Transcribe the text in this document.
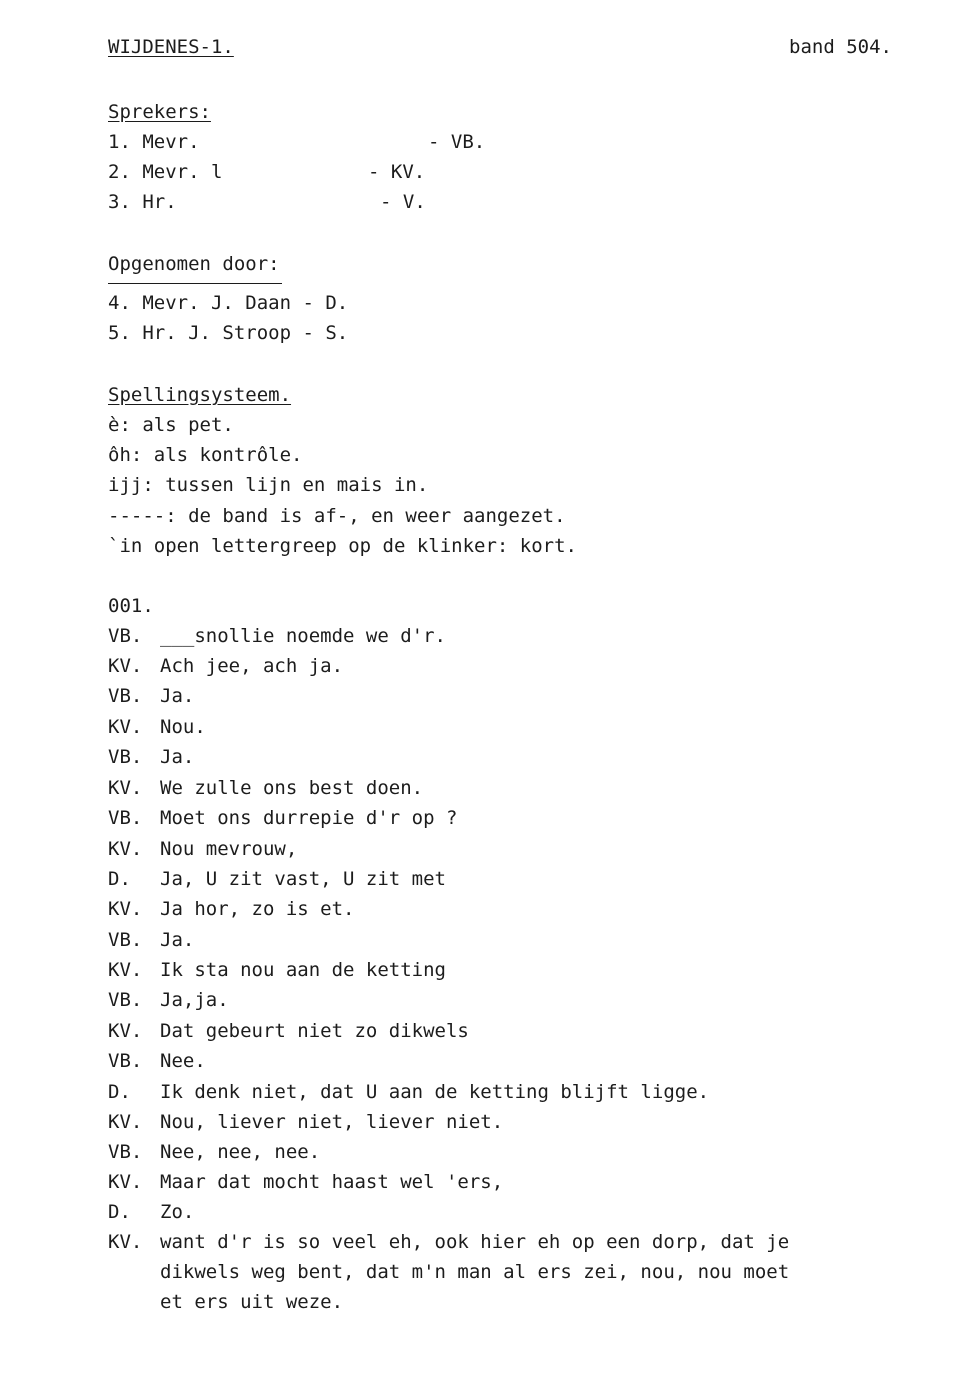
WIJDENES-1.	band 504.
Sprekers:
1. Mevr.	- VB.
2. Mevr. l	- KV.
3. Hr.	- V.
Opgenomen door:
4. Mevr. J. Daan - D.
5. Hr. J. Stroop - S.
Spellingsysteem.
è: als pet.
ôh: als kontrôle.
ijj: tussen lijn en mais in.
-----: de band is af-, en weer aangezet.
`in open lettergreep op de klinker: kort.
001.
VB. ___snollie noemde we d'r.
KV. Ach jee, ach ja.
VB. Ja.
KV. Nou.
VB. Ja.
KV. We zulle ons best doen.
VB. Moet ons durrepie d'r op ?
KV. Nou mevrouw,
D. Ja, U zit vast, U zit met
KV. Ja hor, zo is et.
VB. Ja.
KV. Ik sta nou aan de ketting
VB. Ja,ja.
KV. Dat gebeurt niet zo dikwels
VB. Nee.
D. Ik denk niet, dat U aan de ketting blijft ligge.
KV. Nou, liever niet, liever niet.
VB. Nee, nee, nee.
KV. Maar dat mocht haast wel 'ers,
D. Zo.
KV. want d'r is so veel eh, ook hier eh op een dorp, dat je
dikwels weg bent, dat m'n man al ers zei, nou, nou moet
et ers uit weze.
